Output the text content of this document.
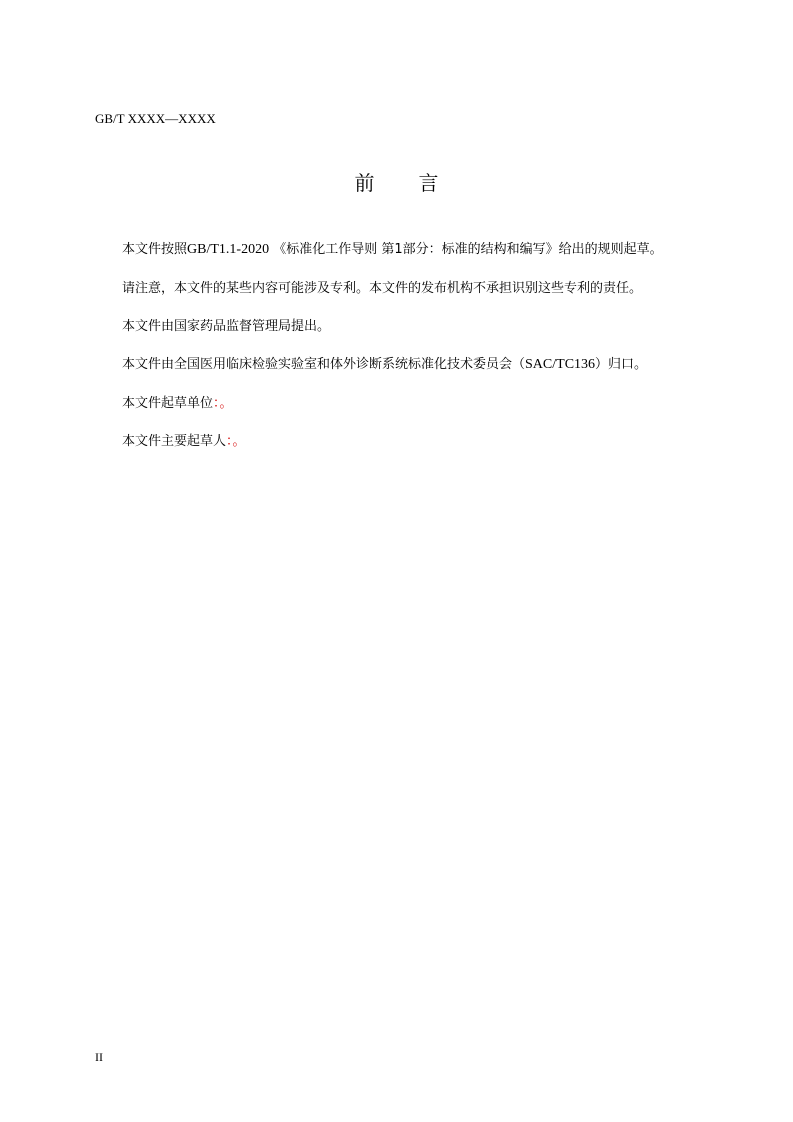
GB/T XXXX—XXXX
前 言
本文件按照GB/T1.1-2020 《标准化工作导则 第1部分：标准的结构和编写》给出的规则起草。
请注意，本文件的某些内容可能涉及专利。本文件的发布机构不承担识别这些专利的责任。
本文件由国家药品监督管理局提出。
本文件由全国医用临床检验实验室和体外诊断系统标准化技术委员会（SAC/TC136）归口。
本文件起草单位：。
本文件主要起草人：。
II
